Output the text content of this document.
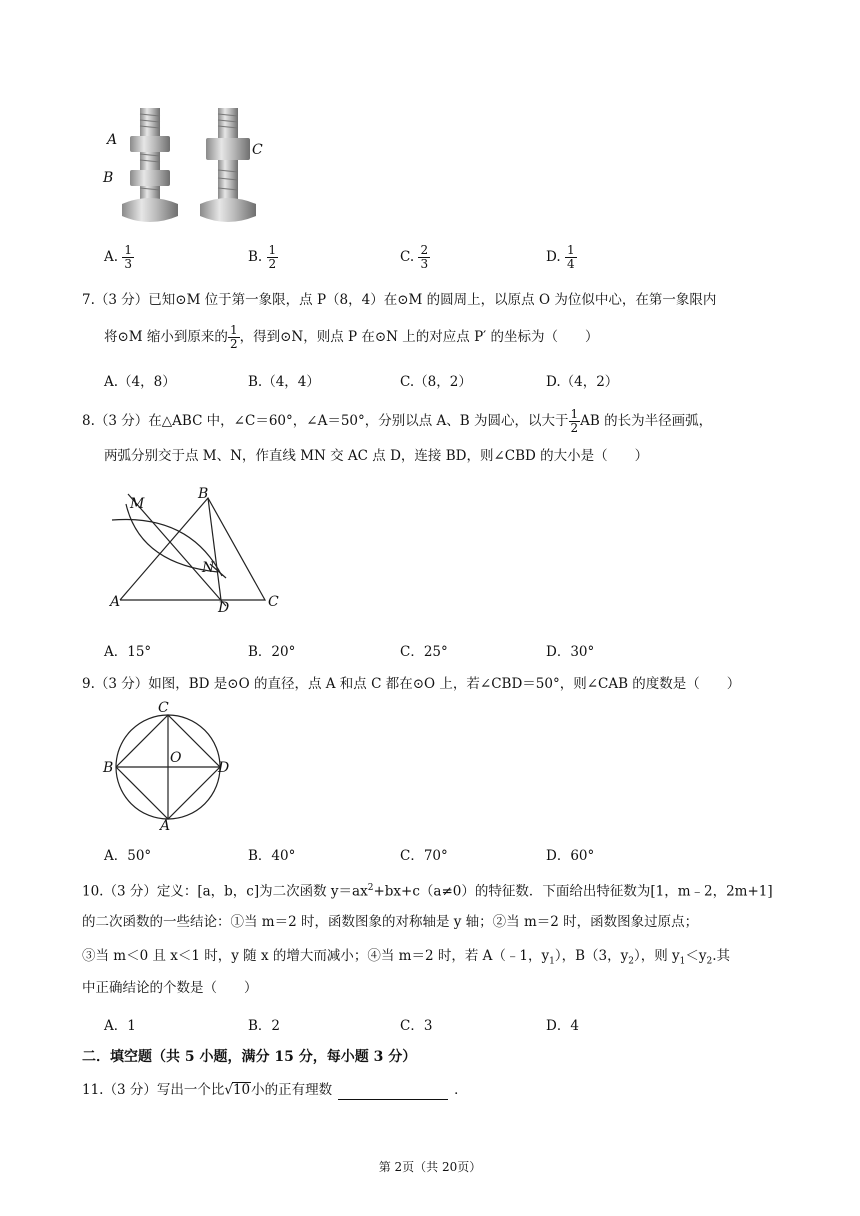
A
B
C
A. $\frac{1}{3}$	B. $\frac{1}{2}$	C. $\frac{2}{3}$	D. $\frac{1}{4}$
7.（3 分）已知⊙M 位于第一象限，点 P（8，4）在⊙M 的圆周上，以原点 O 为位似中心，在第一象限内
将⊙M 缩小到原来的 $\frac{1}{2}$ ，得到⊙N，则点 P 在⊙N 上的对应点 P′ 的坐标为（　　）
A.（4，8）	B.（4，4）	C.（8，2）	D.（4，2）
8.（3 分）在△ABC 中，∠C＝60°，∠A＝50°，分别以点 A、B 为圆心，以大于 $\frac{1}{2}$ AB 的长为半径画弧，
两弧分别交于点 M、N，作直线 MN 交 AC 点 D，连接 BD，则∠CBD 的大小是（　　）
M
B
N
A	D	C
A．15°	B．20°	C．25°	D．30°
9.（3 分）如图，BD 是⊙O 的直径，点 A 和点 C 都在⊙O 上，若∠CBD＝50°，则∠CAB 的度数是（　　）
C
B
O
D
A
A．50°	B．40°	C．70°	D．60°
10.（3 分）定义：[a，b，c]为二次函数 $y=ax^2+bx+c(a\ne 0)$的特征数．下面给出特征数为[1，m﹣2，2m+1]
的二次函数的一些结论：①当 m＝2 时，函数图象的对称轴是 y 轴；②当 m＝2 时，函数图象过原点；
③当 m＜0 且 x＜1 时，y 随 x 的增大而减小；④当 m＝2 时，若 A（﹣1，$y_1$），B（3，$y_2$），则 $y_1<y_2$.其
中正确结论的个数是（　　）
A．1	B．2	C．3	D．4
二．填空题（共 5 小题，满分 15 分，每小题 3 分）
11.（3 分）写出一个比√10小的正有理数	．
第 2页（共 20页）
